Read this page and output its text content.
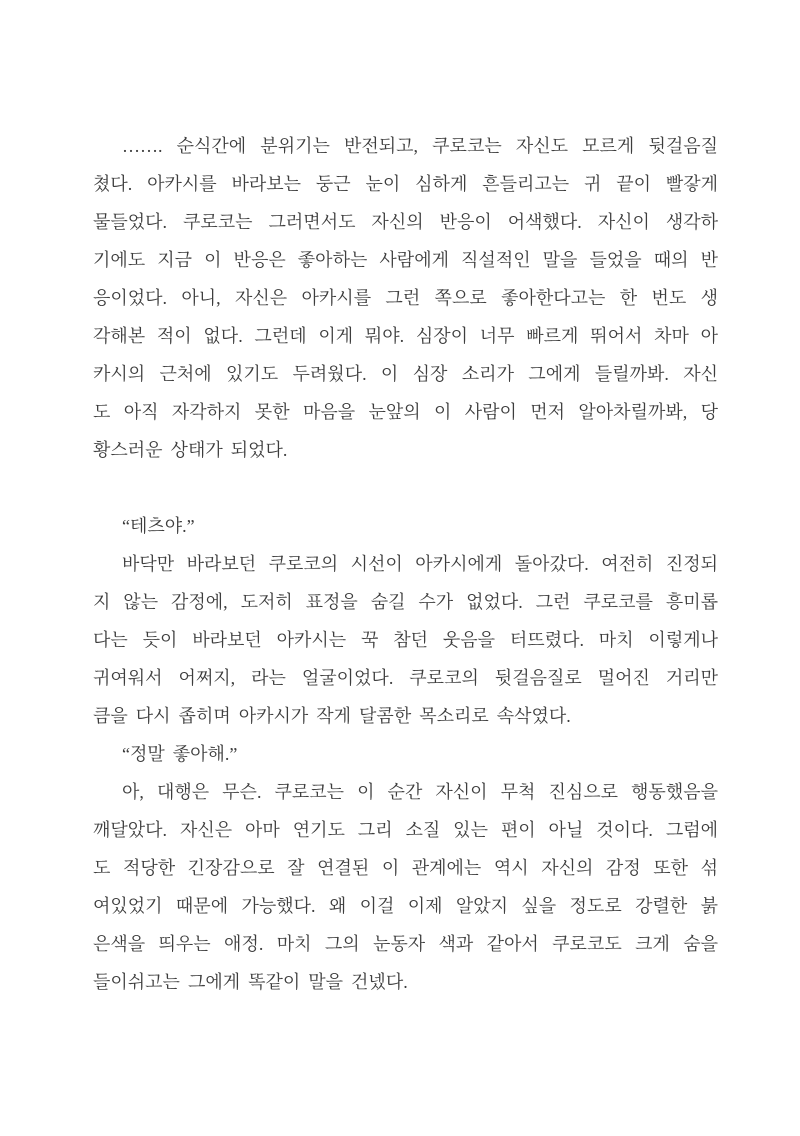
……. 순식간에 분위기는 반전되고, 쿠로코는 자신도 모르게 뒷걸음질
쳤다. 아카시를 바라보는 둥근 눈이 심하게 흔들리고는 귀 끝이 빨갛게
물들었다. 쿠로코는 그러면서도 자신의 반응이 어색했다. 자신이 생각하
기에도 지금 이 반응은 좋아하는 사람에게 직설적인 말을 들었을 때의 반
응이었다. 아니, 자신은 아카시를 그런 쪽으로 좋아한다고는 한 번도 생
각해본 적이 없다. 그런데 이게 뭐야. 심장이 너무 빠르게 뛰어서 차마 아
카시의 근처에 있기도 두려웠다. 이 심장 소리가 그에게 들릴까봐. 자신
도 아직 자각하지 못한 마음을 눈앞의 이 사람이 먼저 알아차릴까봐, 당
황스러운 상태가 되었다.
“테츠야.”
바닥만 바라보던 쿠로코의 시선이 아카시에게 돌아갔다. 여전히 진정되
지 않는 감정에, 도저히 표정을 숨길 수가 없었다. 그런 쿠로코를 흥미롭
다는 듯이 바라보던 아카시는 꾹 참던 웃음을 터뜨렸다. 마치 이렇게나
귀여워서 어쩌지, 라는 얼굴이었다. 쿠로코의 뒷걸음질로 멀어진 거리만
큼을 다시 좁히며 아카시가 작게 달콤한 목소리로 속삭였다.
“정말 좋아해.”
아, 대행은 무슨. 쿠로코는 이 순간 자신이 무척 진심으로 행동했음을
깨달았다. 자신은 아마 연기도 그리 소질 있는 편이 아닐 것이다. 그럼에
도 적당한 긴장감으로 잘 연결된 이 관계에는 역시 자신의 감정 또한 섞
여있었기 때문에 가능했다. 왜 이걸 이제 알았지 싶을 정도로 강렬한 붉
은색을 띄우는 애정. 마치 그의 눈동자 색과 같아서 쿠로코도 크게 숨을
들이쉬고는 그에게 똑같이 말을 건넸다.
